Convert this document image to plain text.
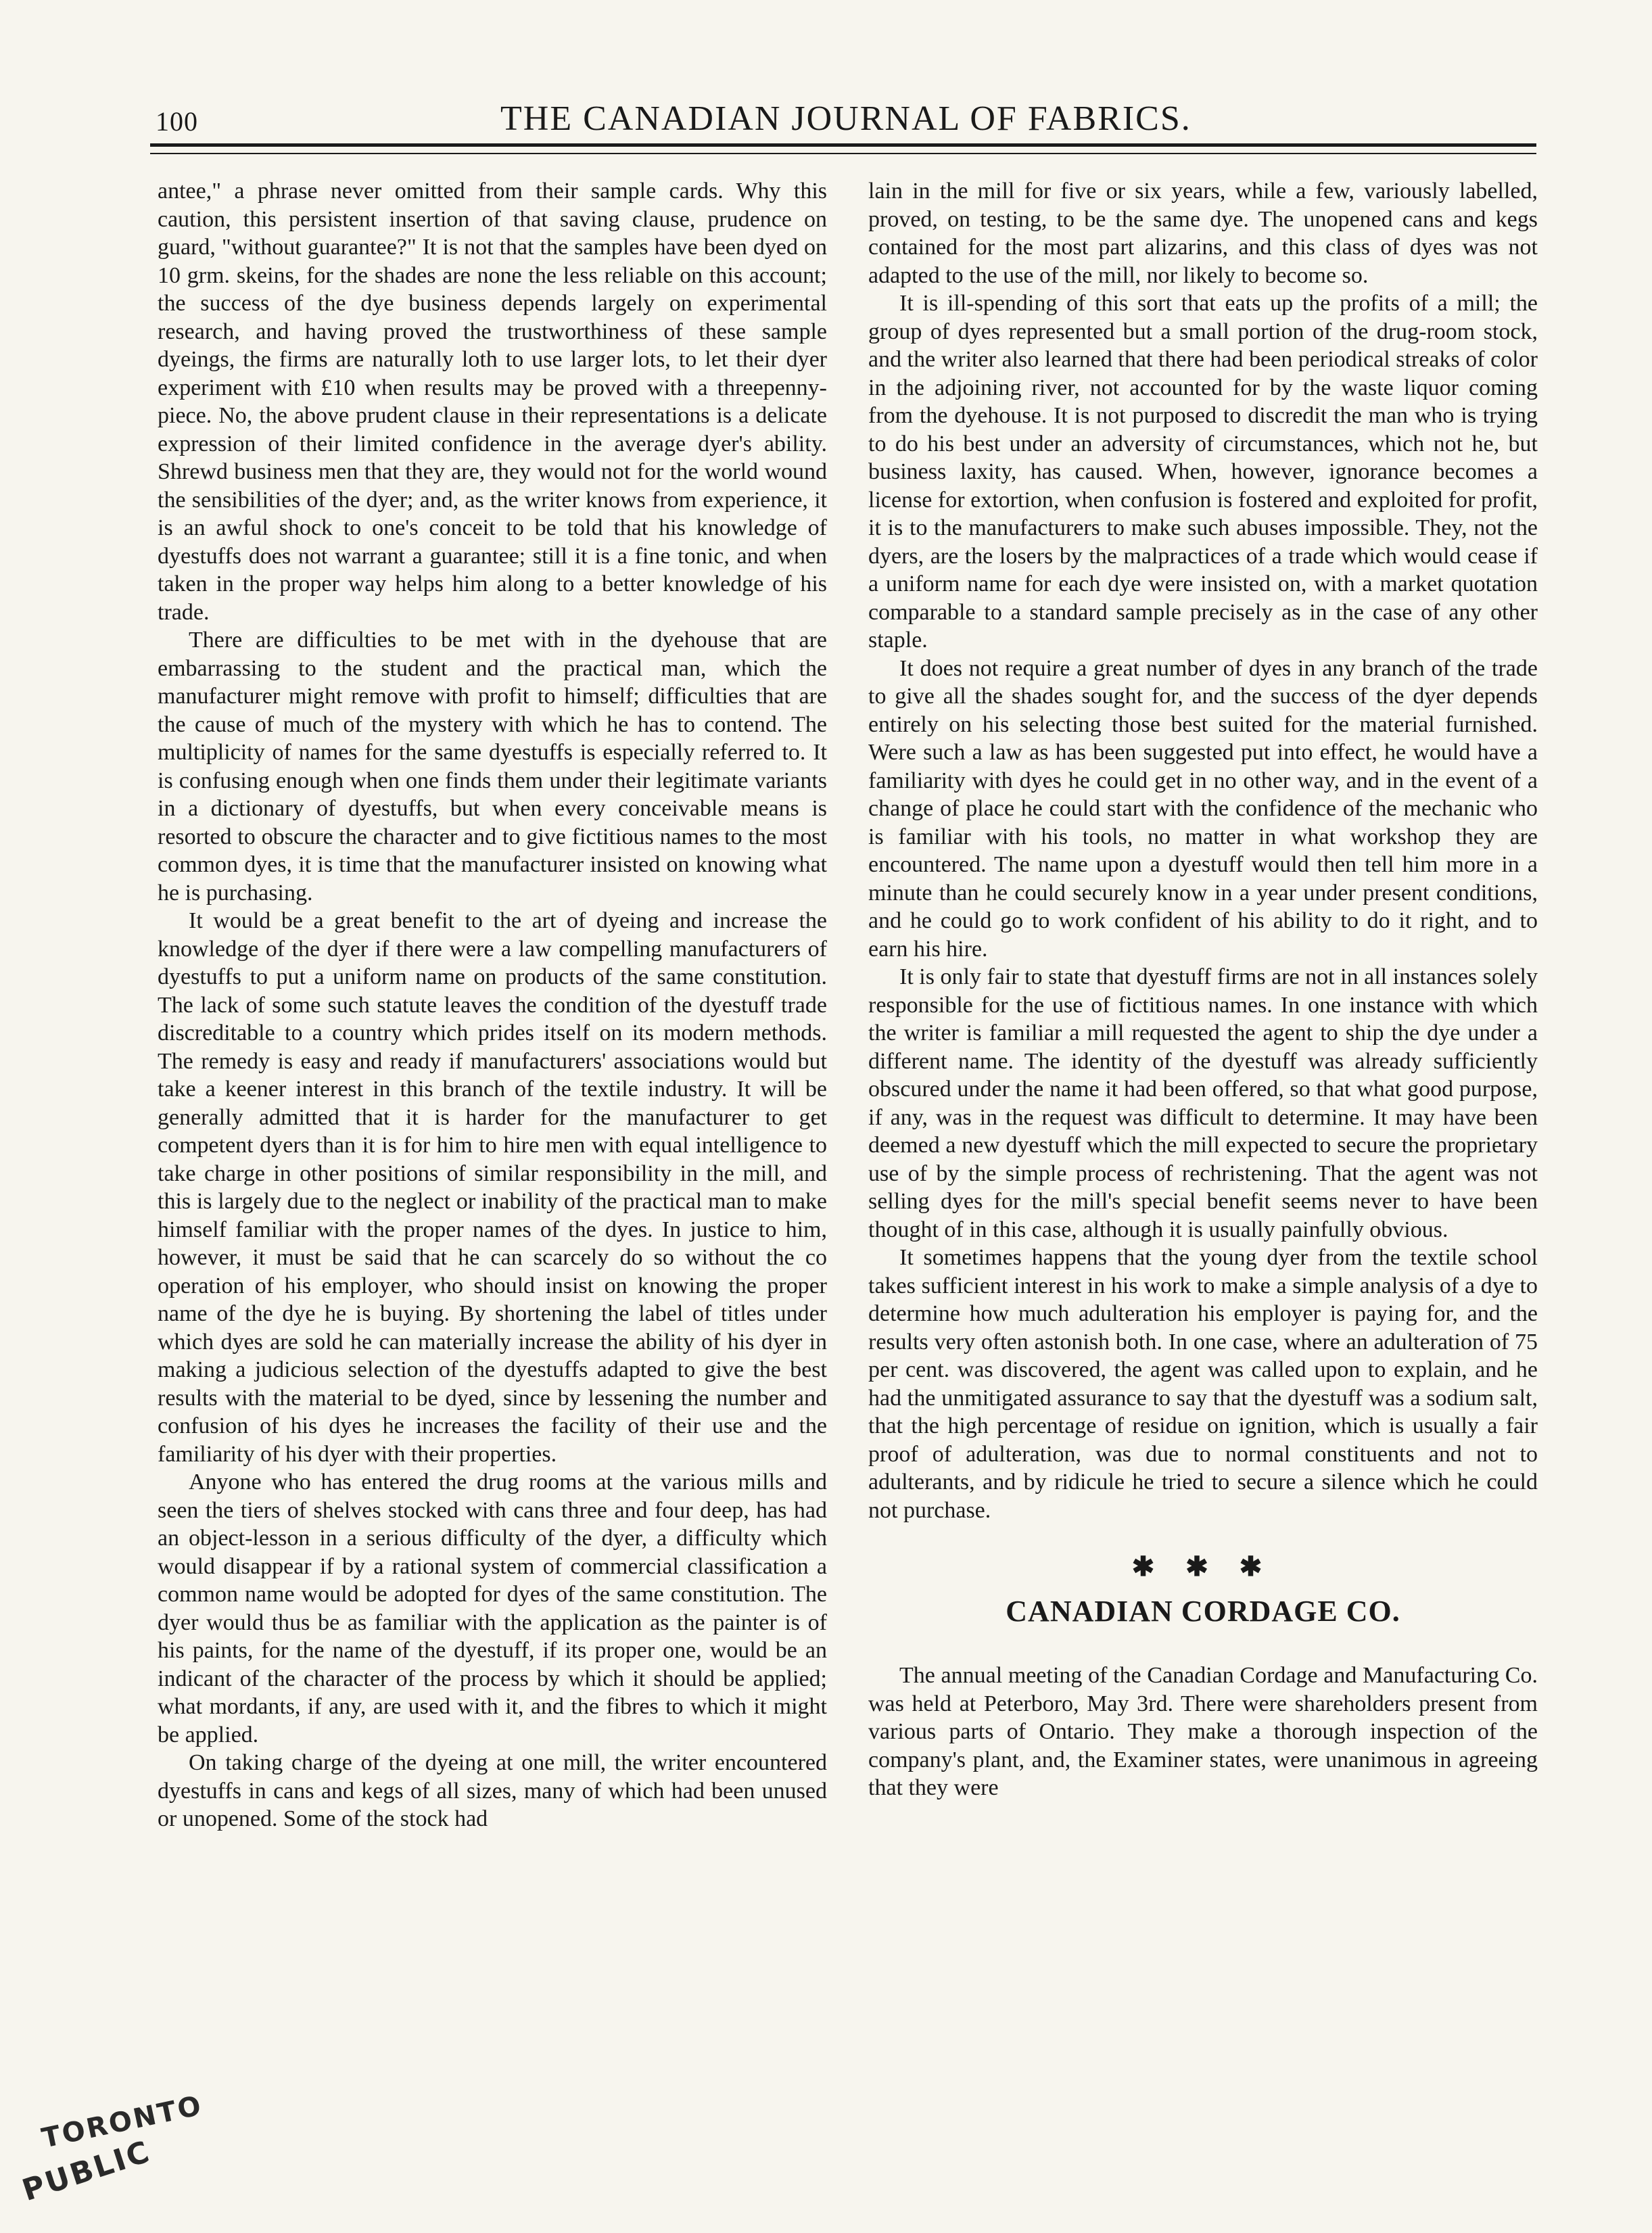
100	THE CANADIAN JOURNAL OF FABRICS.

antee," a phrase never omitted from their sample cards. Why this caution, this persistent insertion of that saving clause, prudence on guard, "without guarantee?" It is not that the samples have been dyed on 10 grm. skeins, for the shades are none the less reliable on this account; the success of the dye business depends largely on experimental research, and having proved the trustworthiness of these sample dyeings, the firms are naturally loth to use larger lots, to let their dyer experiment with £10 when results may be proved with a threepenny-piece. No, the above prudent clause in their representations is a delicate expression of their limited confidence in the average dyer's ability. Shrewd business men that they are, they would not for the world wound the sensibilities of the dyer; and, as the writer knows from experience, it is an awful shock to one's conceit to be told that his knowledge of dyestuffs does not warrant a guarantee; still it is a fine tonic, and when taken in the proper way helps him along to a better knowledge of his trade.

There are difficulties to be met with in the dyehouse that are embarrassing to the student and the practical man, which the manufacturer might remove with profit to himself; difficulties that are the cause of much of the mystery with which he has to contend. The multiplicity of names for the same dyestuffs is especially referred to. It is confusing enough when one finds them under their legitimate variants in a dictionary of dyestuffs, but when every conceivable means is resorted to obscure the character and to give fictitious names to the most common dyes, it is time that the manufacturer insisted on knowing what he is purchasing.

It would be a great benefit to the art of dyeing and increase the knowledge of the dyer if there were a law compelling manufacturers of dyestuffs to put a uniform name on products of the same constitution. The lack of some such statute leaves the condition of the dyestuff trade discreditable to a country which prides itself on its modern methods. The remedy is easy and ready if manufacturers' associations would but take a keener interest in this branch of the textile industry. It will be generally admitted that it is harder for the manufacturer to get competent dyers than it is for him to hire men with equal intelligence to take charge in other positions of similar responsibility in the mill, and this is largely due to the neglect or inability of the practical man to make himself familiar with the proper names of the dyes. In justice to him, however, it must be said that he can scarcely do so without the co operation of his employer, who should insist on knowing the proper name of the dye he is buying. By shortening the label of titles under which dyes are sold he can materially increase the ability of his dyer in making a judicious selection of the dyestuffs adapted to give the best results with the material to be dyed, since by lessening the number and confusion of his dyes he increases the facility of their use and the familiarity of his dyer with their properties.

Anyone who has entered the drug rooms at the various mills and seen the tiers of shelves stocked with cans three and four deep, has had an object-lesson in a serious difficulty of the dyer, a difficulty which would disappear if by a rational system of commercial classification a common name would be adopted for dyes of the same constitution. The dyer would thus be as familiar with the application as the painter is of his paints, for the name of the dyestuff, if its proper one, would be an indicant of the character of the process by which it should be applied; what mordants, if any, are used with it, and the fibres to which it might be applied.

On taking charge of the dyeing at one mill, the writer encountered dyestuffs in cans and kegs of all sizes, many of which had been unused or unopened. Some of the stock had

lain in the mill for five or six years, while a few, variously labelled, proved, on testing, to be the same dye. The unopened cans and kegs contained for the most part alizarins, and this class of dyes was not adapted to the use of the mill, nor likely to become so.

It is ill-spending of this sort that eats up the profits of a mill; the group of dyes represented but a small portion of the drug-room stock, and the writer also learned that there had been periodical streaks of color in the adjoining river, not accounted for by the waste liquor coming from the dyehouse. It is not purposed to discredit the man who is trying to do his best under an adversity of circumstances, which not he, but business laxity, has caused. When, however, ignorance becomes a license for extortion, when confusion is fostered and exploited for profit, it is to the manufacturers to make such abuses impossible. They, not the dyers, are the losers by the malpractices of a trade which would cease if a uniform name for each dye were insisted on, with a market quotation comparable to a standard sample precisely as in the case of any other staple.

It does not require a great number of dyes in any branch of the trade to give all the shades sought for, and the success of the dyer depends entirely on his selecting those best suited for the material furnished. Were such a law as has been suggested put into effect, he would have a familiarity with dyes he could get in no other way, and in the event of a change of place he could start with the confidence of the mechanic who is familiar with his tools, no matter in what workshop they are encountered. The name upon a dyestuff would then tell him more in a minute than he could securely know in a year under present conditions, and he could go to work confident of his ability to do it right, and to earn his hire.

It is only fair to state that dyestuff firms are not in all instances solely responsible for the use of fictitious names. In one instance with which the writer is familiar a mill requested the agent to ship the dye under a different name. The identity of the dyestuff was already sufficiently obscured under the name it had been offered, so that what good purpose, if any, was in the request was difficult to determine. It may have been deemed a new dyestuff which the mill expected to secure the proprietary use of by the simple process of rechristening. That the agent was not selling dyes for the mill's special benefit seems never to have been thought of in this case, although it is usually painfully obvious.

It sometimes happens that the young dyer from the textile school takes sufficient interest in his work to make a simple analysis of a dye to determine how much adulteration his employer is paying for, and the results very often astonish both. In one case, where an adulteration of 75 per cent. was discovered, the agent was called upon to explain, and he had the unmitigated assurance to say that the dyestuff was a sodium salt, that the high percentage of residue on ignition, which is usually a fair proof of adulteration, was due to normal constituents and not to adulterants, and by ridicule he tried to secure a silence which he could not purchase.

✱ ✱ ✱
CANADIAN CORDAGE CO.

The annual meeting of the Canadian Cordage and Manufacturing Co. was held at Peterboro, May 3rd. There were shareholders present from various parts of Ontario. They make a thorough inspection of the company's plant, and, the Examiner states, were unanimous in agreeing that they were

TORONTO
PUBLIC
